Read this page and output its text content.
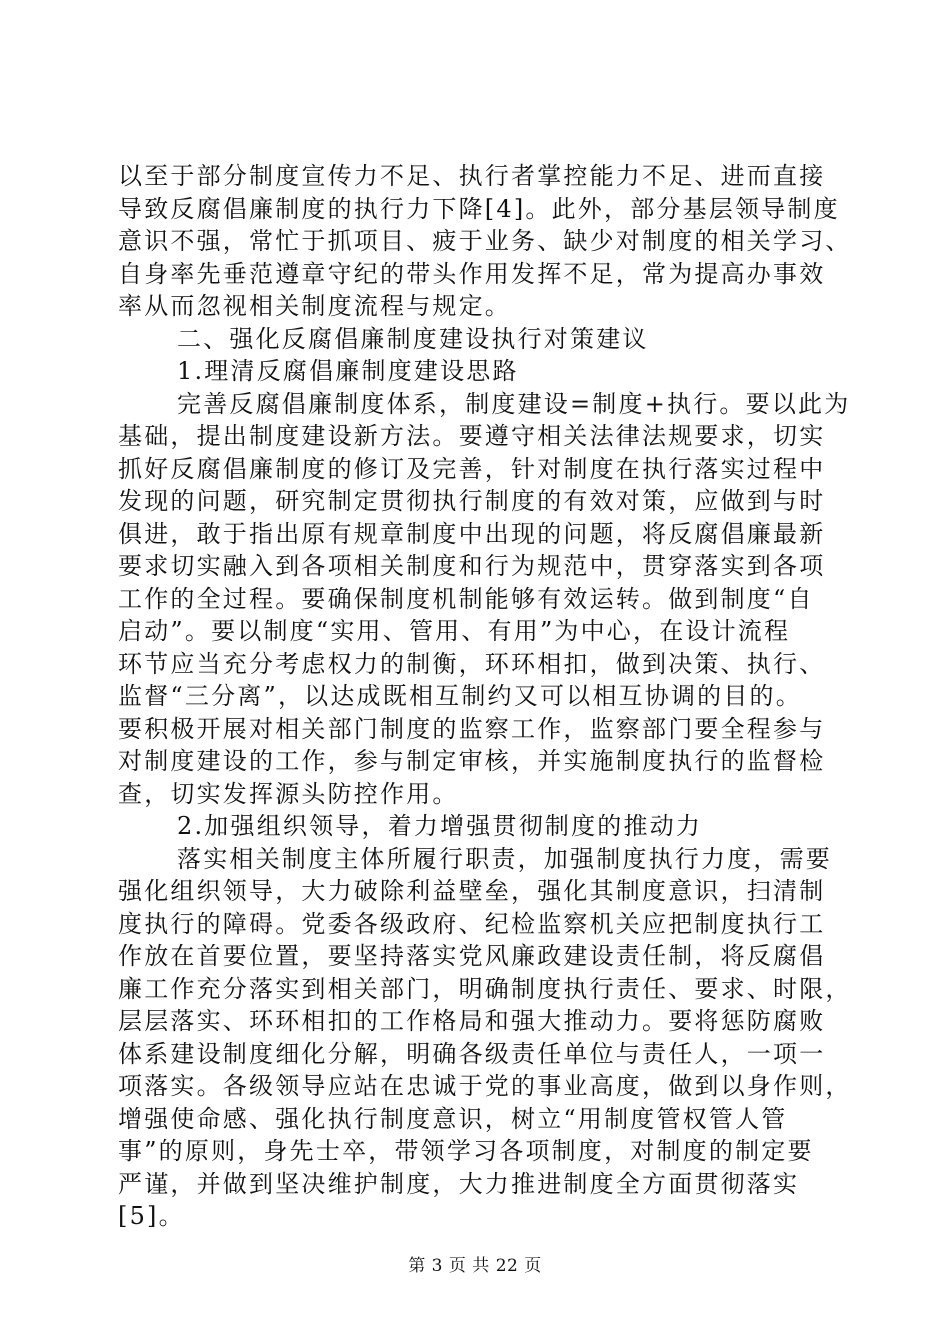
以至于部分制度宣传力不足、执行者掌控能力不足、进而直接
导致反腐倡廉制度的执行力下降[4]。此外，部分基层领导制度
意识不强，常忙于抓项目、疲于业务、缺少对制度的相关学习、
自身率先垂范遵章守纪的带头作用发挥不足，常为提高办事效
率从而忽视相关制度流程与规定。
二、强化反腐倡廉制度建设执行对策建议
1.理清反腐倡廉制度建设思路
完善反腐倡廉制度体系，制度建设=制度+执行。要以此为
基础，提出制度建设新方法。要遵守相关法律法规要求，切实
抓好反腐倡廉制度的修订及完善，针对制度在执行落实过程中
发现的问题，研究制定贯彻执行制度的有效对策，应做到与时
俱进，敢于指出原有规章制度中出现的问题，将反腐倡廉最新
要求切实融入到各项相关制度和行为规范中，贯穿落实到各项
工作的全过程。要确保制度机制能够有效运转。做到制度“自
启动”。要以制度“实用、管用、有用”为中心，在设计流程
环节应当充分考虑权力的制衡，环环相扣，做到决策、执行、
监督“三分离”，以达成既相互制约又可以相互协调的目的。
要积极开展对相关部门制度的监察工作，监察部门要全程参与
对制度建设的工作，参与制定审核，并实施制度执行的监督检
查，切实发挥源头防控作用。
2.加强组织领导，着力增强贯彻制度的推动力
落实相关制度主体所履行职责，加强制度执行力度，需要
强化组织领导，大力破除利益壁垒，强化其制度意识，扫清制
度执行的障碍。党委各级政府、纪检监察机关应把制度执行工
作放在首要位置，要坚持落实党风廉政建设责任制，将反腐倡
廉工作充分落实到相关部门，明确制度执行责任、要求、时限，
层层落实、环环相扣的工作格局和强大推动力。要将惩防腐败
体系建设制度细化分解，明确各级责任单位与责任人，一项一
项落实。各级领导应站在忠诚于党的事业高度，做到以身作则，
增强使命感、强化执行制度意识，树立“用制度管权管人管
事”的原则，身先士卒，带领学习各项制度，对制度的制定要
严谨，并做到坚决维护制度，大力推进制度全方面贯彻落实
[5]。
第 3 页 共 22 页
